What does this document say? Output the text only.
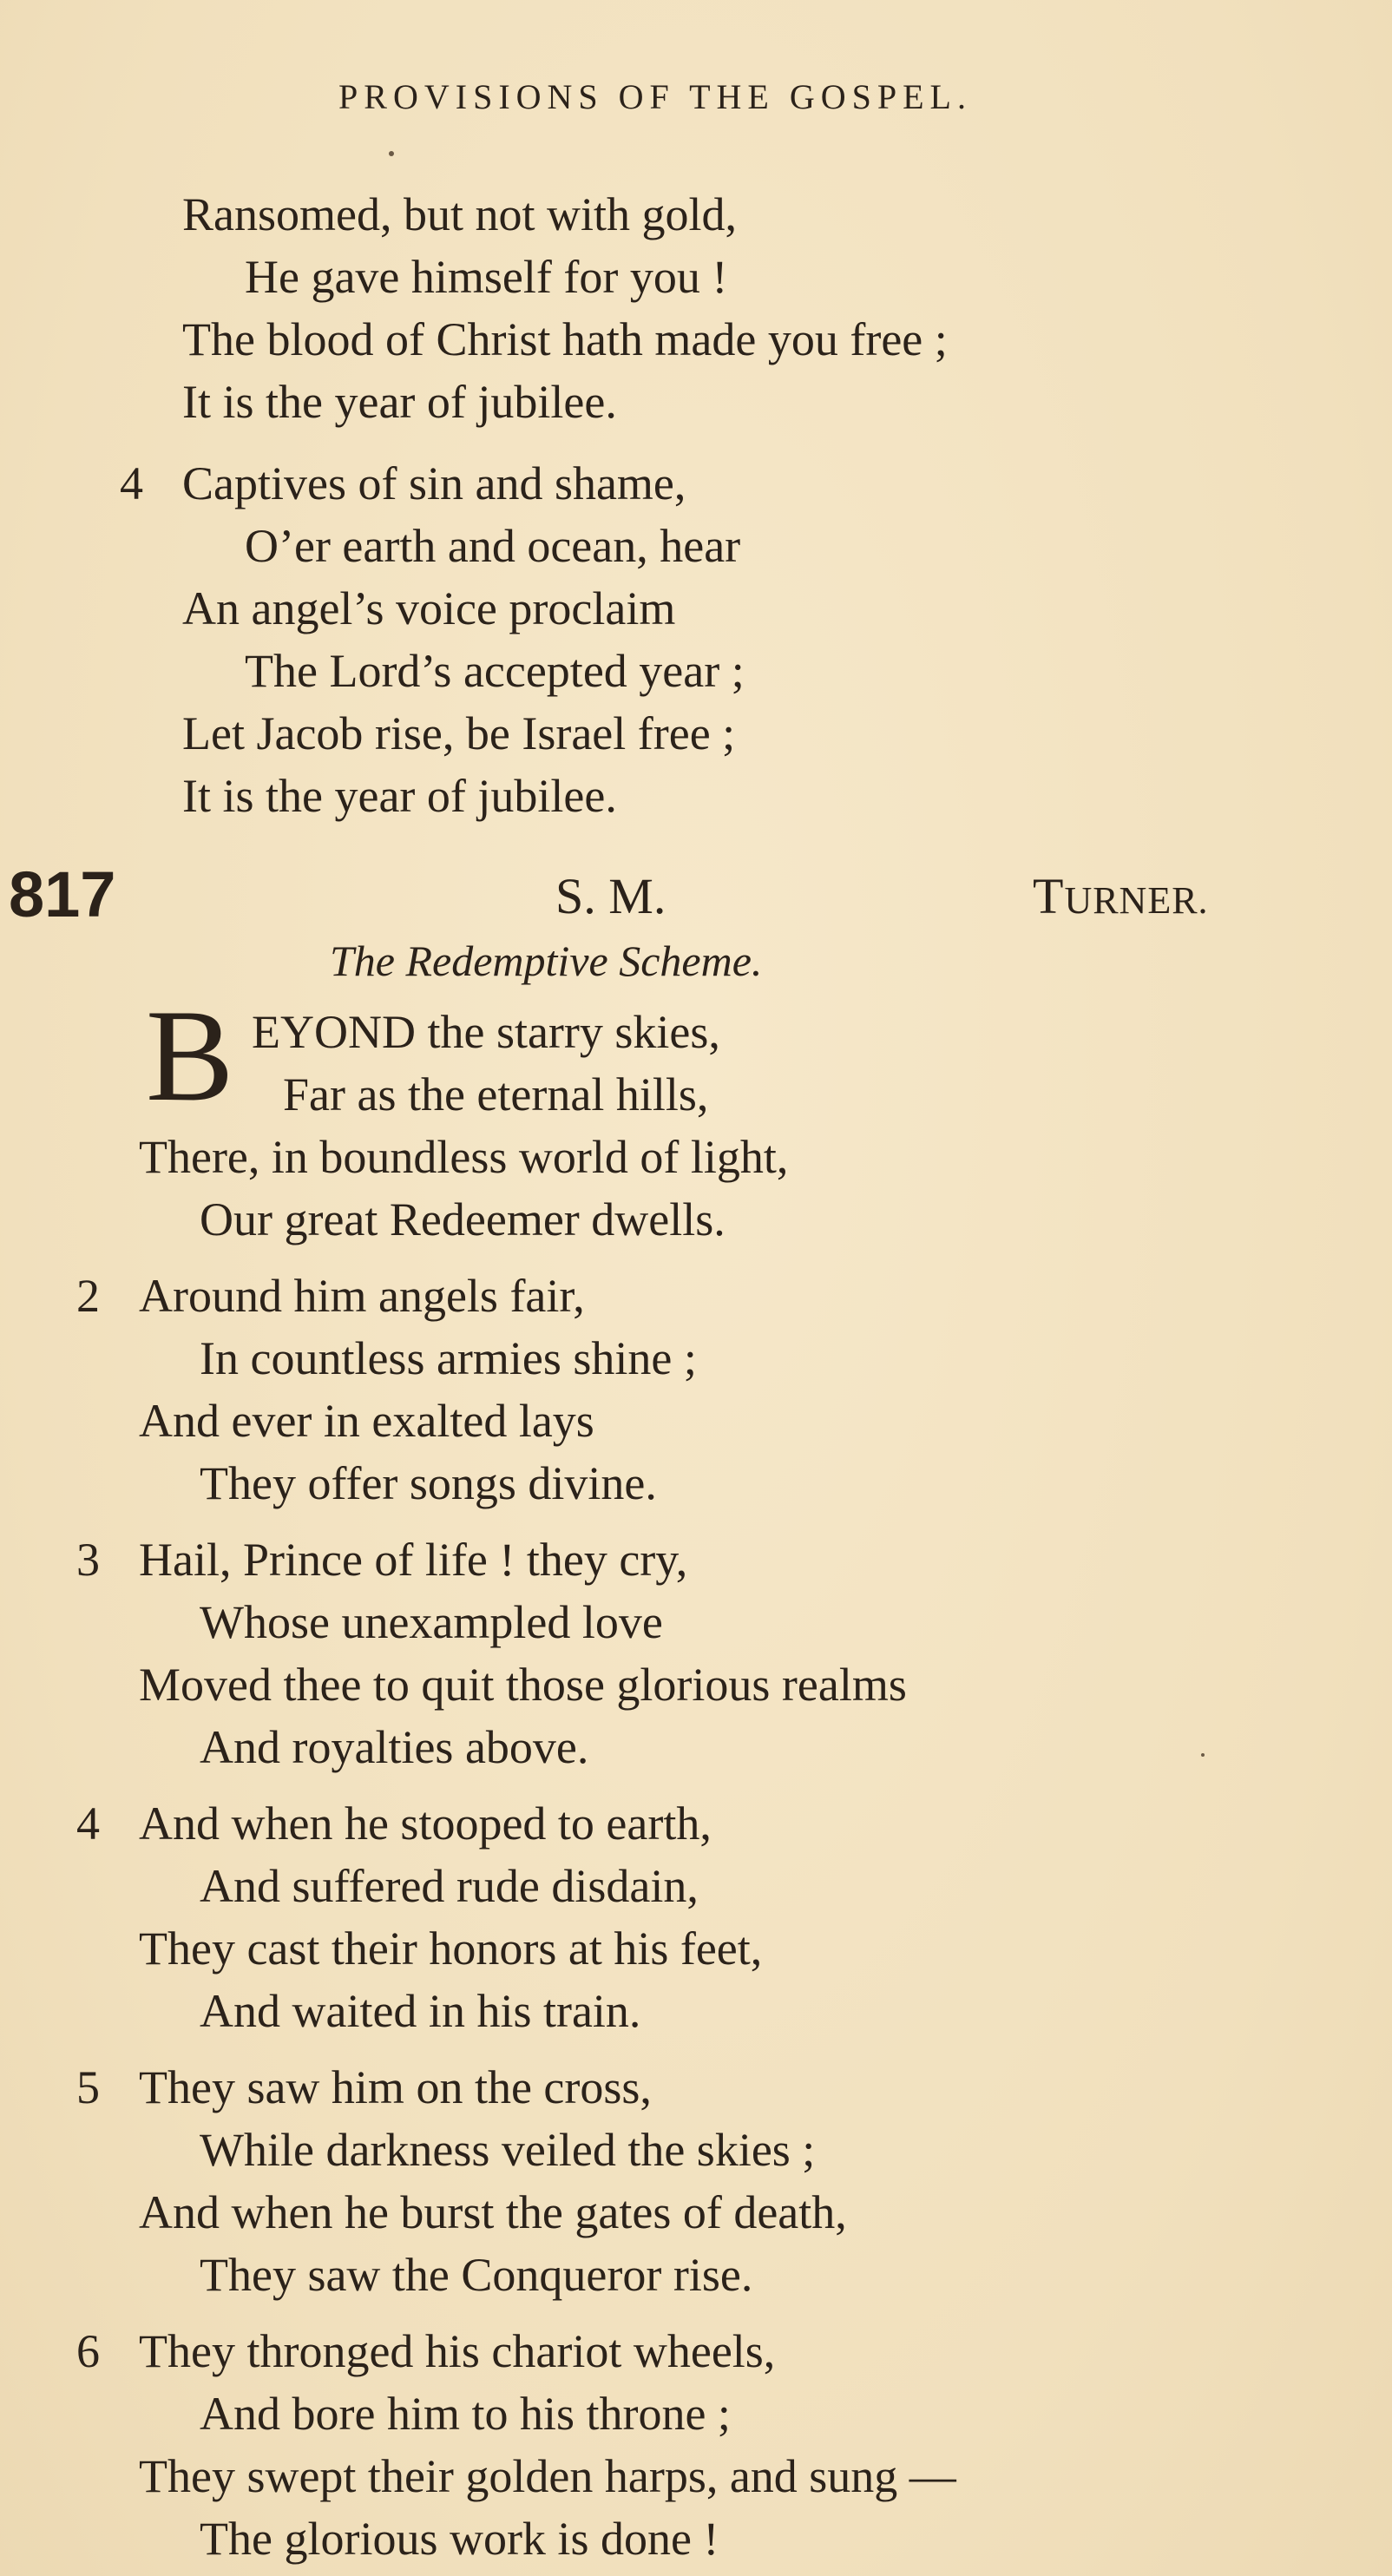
PROVISIONS OF THE GOSPEL.
Ransomed, but not with gold,
He gave himself for you !
The blood of Christ hath made you free ;
It is the year of jubilee.
4 Captives of sin and shame,
O’er earth and ocean, hear
An angel’s voice proclaim
The Lord’s accepted year ;
Let Jacob rise, be Israel free ;
It is the year of jubilee.
817	S. M.	TURNER.
The Redemptive Scheme.
B EYOND the starry skies,
Far as the eternal hills,
There, in boundless world of light,
Our great Redeemer dwells.
2 Around him angels fair,
In countless armies shine ;
And ever in exalted lays
They offer songs divine.
3 Hail, Prince of life ! they cry,
Whose unexampled love
Moved thee to quit those glorious realms
And royalties above.
4 And when he stooped to earth,
And suffered rude disdain,
They cast their honors at his feet,
And waited in his train.
5 They saw him on the cross,
While darkness veiled the skies ;
And when he burst the gates of death,
They saw the Conqueror rise.
6 They thronged his chariot wheels,
And bore him to his throne ;
They swept their golden harps, and sung —
The glorious work is done !
